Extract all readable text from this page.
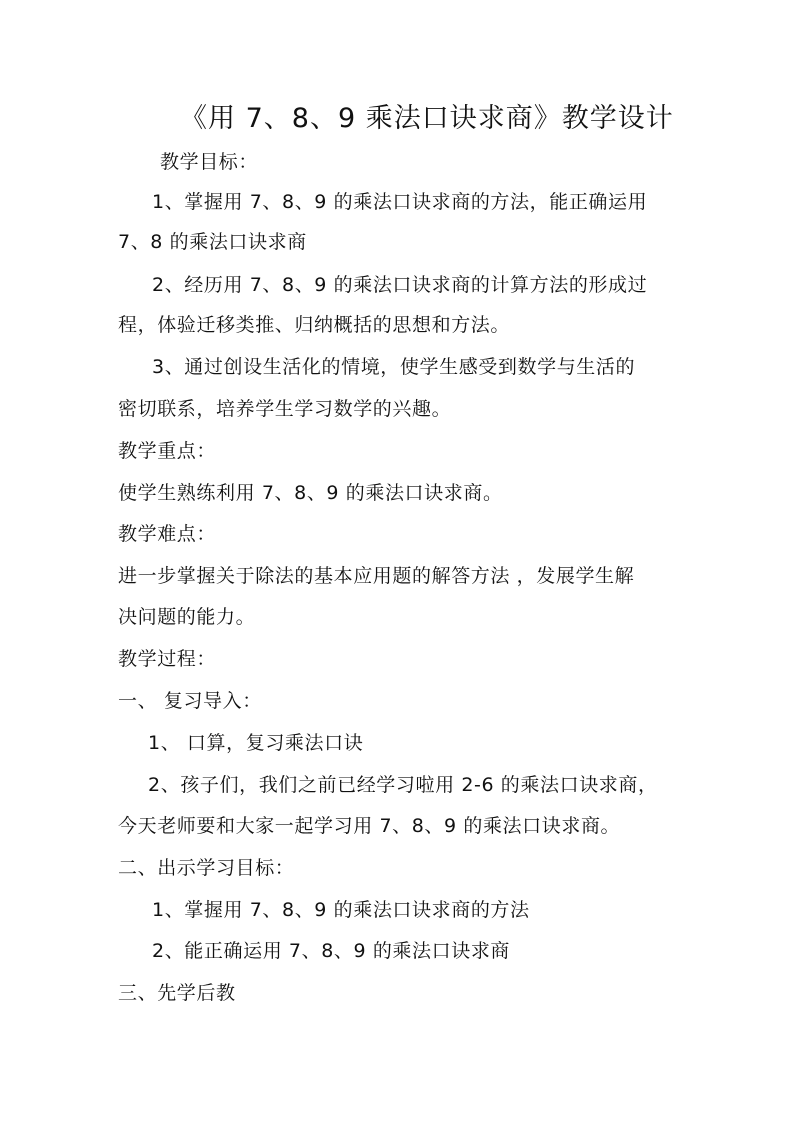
《用 7、8、9 乘法口诀求商》教学设计
教学目标：
1、掌握用 7、8、9 的乘法口诀求商的方法，能正确运用
7、8 的乘法口诀求商
2、经历用 7、8、9 的乘法口诀求商的计算方法的形成过
程，体验迁移类推、归纳概括的思想和方法。
3、通过创设生活化的情境，使学生感受到数学与生活的
密切联系，培养学生学习数学的兴趣。
教学重点：
使学生熟练利用 7、8、9 的乘法口诀求商。
教学难点：
进一步掌握关于除法的基本应用题的解答方法 ，发展学生解
决问题的能力。
教学过程：
一、 复习导入：
1、 口算，复习乘法口诀
2、孩子们，我们之前已经学习啦用 2-6 的乘法口诀求商，
今天老师要和大家一起学习用 7、8、9 的乘法口诀求商。
二、出示学习目标：
1、掌握用 7、8、9 的乘法口诀求商的方法
2、能正确运用 7、8、9 的乘法口诀求商
三、先学后教
